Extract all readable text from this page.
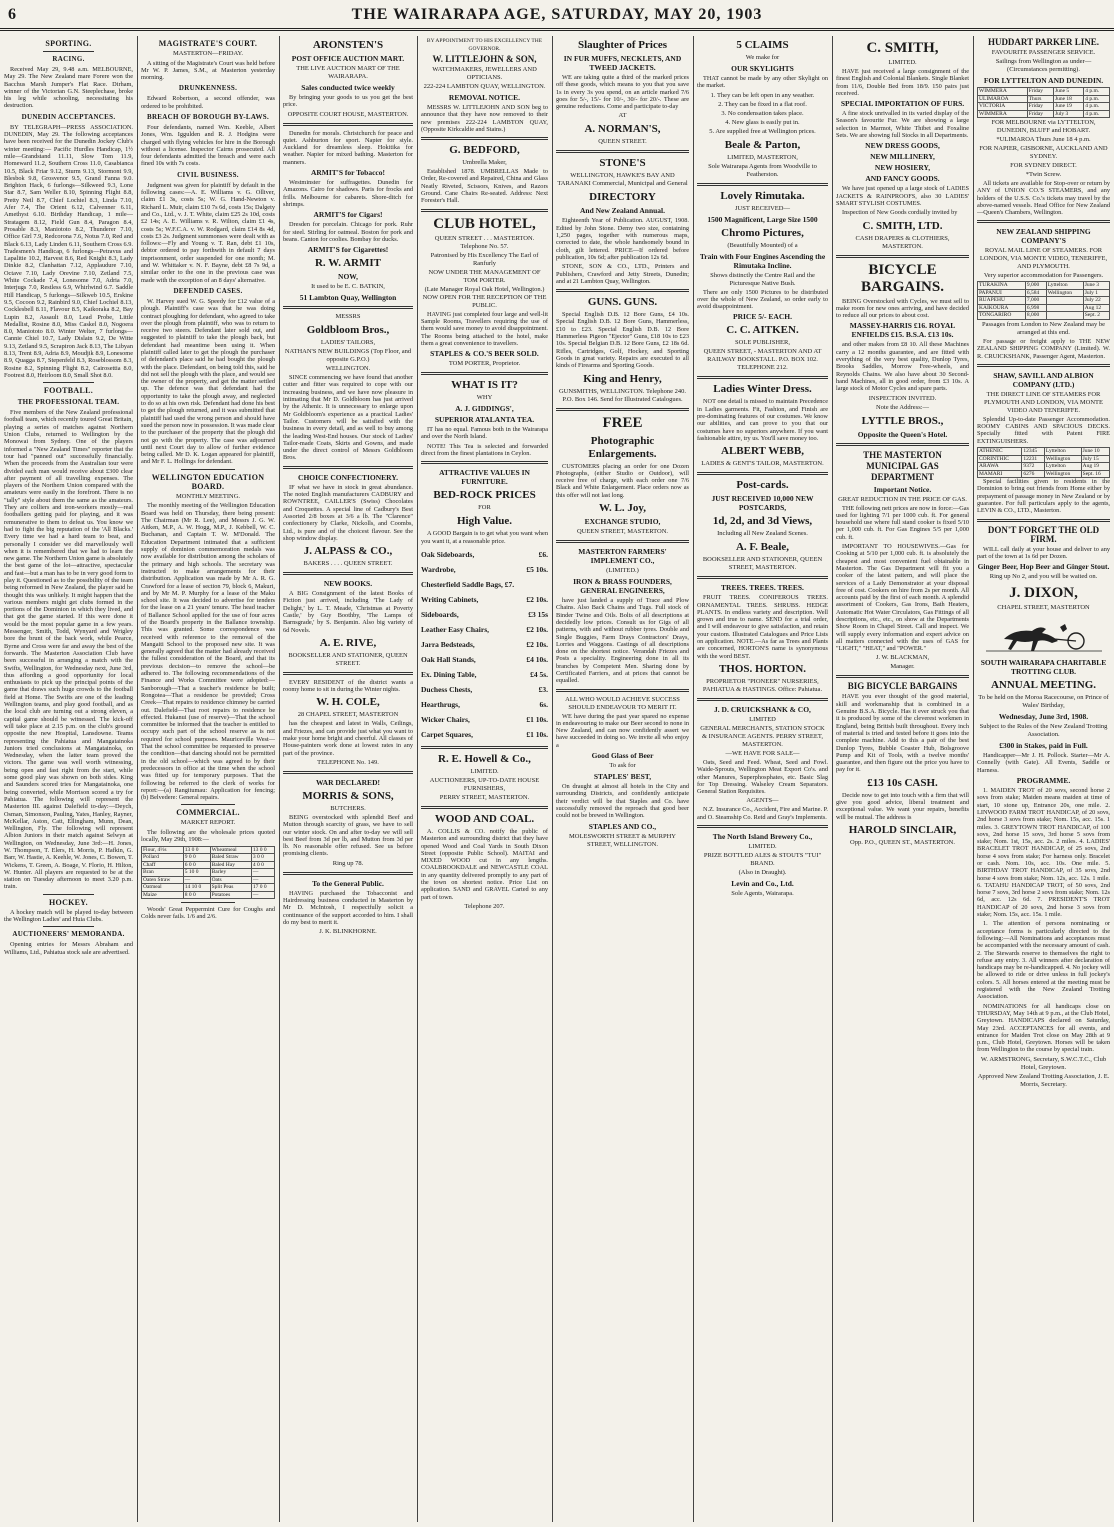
6	THE WAIRARAPA AGE, SATURDAY, MAY 20, 1903
SPORTING.
RACING.

Received May 29, 9.48 a.m. MELBOURNE, May 29. The New Zealand mare Forere won the Bacchus Marsh Jumper's Flat Race. Dirham, winner of the Victorian G.N. Steeplechase, broke his leg while schooling, necessitating his destruction.

DUNEDIN ACCEPTANCES.

BY TELEGRAPH—PRESS ASSOCIATION. DUNEDIN, May 29. The following acceptances have been received for the Dunedin Jockey Club's winter meeting:— Pacific Hurdles Handicap, 1½ mile—Grandstand 11.11, Slow Tom 11.9, Homeward 11.2, Southern Cross 11.0, Casabianca 10.5, Black Friar 9.12, Sturm 9.13, Stormont 9.9, Blesbok 9.8, Grosvenor 9.5, Grand Fanna 9.0. Brighton Hack, 6 furlongs—Silkweed 9.3, Lone Star 8.7, Sam Weller 8.10, Spinning Flight 8.8, Pretty Neil 8.7, Chief Lochiel 8.3, Linda 7.10, Afer 7.4, The Orient 6.12, Calvenner 6.11, Amethyst 6.10. Birthday Handicap, 1 mile—Stratagem 8.12, Field Gun 8.4, Paragon 8.4, Prosable 8.3, Maniototo 8.2, Thunderer 7.10, Office Girl 7.9, Redcorona 7.6, Notus 7.0, Red and Black 6.13, Lady Linden 6.11, Southern Cross 6.9. Tradesmen's Handicap, 6 furlongs—Petravus and Lapalitie 10.2, Harvest 8.6, Red Knight 8.3, Lady Dinkie 8.2, Clanhattan 7.12, Applaudure 7.10, Octave 7.10, Lady Orevine 7.10, Zetland 7.5, White Cockade 7.4, Lonesome 7.0, Adria 7.0, Interjugs 7.0, Restless 6.9, Whirlwind 6.7. Saddle Hill Handicap, 5 furlongs—Silkweb 10.5, Erskine 9.5, Cocoon 9.2, Rainbird 9.0, Chief Lochiel 8.13, Cocklesbell 8.11, Flavour 8.5, Kaikoraka 8.2, Bay Lupin 8.2, Assault 8.0, Lead Probe, Little Medallist, Rosine 8.0, Miss Caskel 8.0, Nogoera 8.0, Maniototo 8.0. Winter Welter, 7 furlongs—Cannie Chiel 10.7, Lady Dislain 9.2, De Witte 9.13, Zetland 9.5, Scrapiron Jack 8.13, The Libyan 8.13, Trent 8.9, Adria 8.9, Moudjik 8.9, Lonesome 8.9, Quagga 8.7, Stepenfeld 8.3, Roseblossom 8.3, Rosine 8.2, Spinning Flight 8.2, Cairosettia 8.0, Footrest 8.0, Heirloom 8.0, Small Shot 8.0.

FOOTBALL.
THE PROFESSIONAL TEAM.

Five members of the New Zealand professional football team, which recently toured Great Britain, playing a series of matches against Northern Union Clubs, returned to Wellington by the Monowai from Sydney. One of the players informed a "New Zealand Times" reporter that the tour had "panned out" successfully financially. When the proceeds from the Australian tour were divided each man would receive about £300 clear after payment of all travelling expenses. The players of the Northern Union compared with the amateurs were easily in the forefront. There is no "tally" style about them the same as the amateurs. They are colliers and iron-workers mostly—real footballers getting paid for playing, and it was remunerative to them to defeat us. You know we had to fight the big reputation of the 'All Blacks.' Every time we had a hard team to beat, and personally I consider we did marvellously well when it is remembered that we had to learn the new game. The Northern Union game is absolutely the best game of the lot—attractive, spectacular and fast—but a man has to be in very good form to play it. Questioned as to the possibility of the team being reformed in New Zealand, the player said he thought this was unlikely. It might happen that the various members might get clubs formed in the portions of the Dominion in which they lived, and that got the game started. If this were done it would be the most popular game in a few years. Messenger, Smith, Todd, Wynyard and Wrigley bore the brunt of the back work, while Pearce, Byrne and Cross were far and away the best of the forwards. The Masterton Association Club have been successful in arranging a match with the Swifts, Wellington, for Wednesday next, June 3rd, thus affording a good opportunity for local enthusiasts to pick up the principal points of the game that draws such huge crowds to the football field at Home. The Swifts are one of the leading Wellington teams, and play good football, and as the local club are turning out a strong eleven, a capital game should be witnessed. The kick-off will take place at 2.15 p.m. on the club's ground opposite the new Hospital, Lansdowne. Teams representing the Pahiatua and Mangatainoka Juniors tried conclusions at Mangatainoka, on Wednesday, when the latter team proved the victors. The game was well worth witnessing, being open and fast right from the start, while some good play was shown on both sides. King and Saunders scored tries for Mangatainoka, one being converted, while Morrison scored a try for Pahiatua. The following will represent the Masterton III. against Dalefield to-day:—Deych, Osman, Simonson, Pauling, Yates, Hanley, Rayner, McKellar, Aston, Catt, Ellingham, Munn, Dean, Wellington, Fly. The following will represent Albion Juniors in their match against Selwyn at Wellington, on Wednesday, June 3rd:—H. Jones, W. Thompson, T. Elers, H. Morris, P. Hafkin, G. Barr, W. Hastie, A. Keehle, W. Jones, C. Bowen, T. Wickens, T. Green, A. Boage, V. Florio, H. Hilton, W. Hunter. All players are requested to be at the station on Tuesday afternoon to meet 3.20 p.m. train.

HOCKEY.

A hockey match will be played to-day between the Wellington Ladies' and Huia Clubs.

AUCTIONEERS' MEMORANDA.

Opening entries for Messrs Abraham and Williams, Ltd., Pahiatua stock sale are advertised.

MAGISTRATE'S COURT.
MASTERTON—FRIDAY.

A sitting of the Magistrate's Court was held before Mr W. P. James, S.M., at Masterton yesterday morning.

DRUNKENNESS.

Edward Robertson, a second offender, was ordered to be prohibited.

BREACH OF BOROUGH BY-LAWS.

Four defendants, named Wm. Keeble, Albert Jones, Wm. Iggulden and R. J. Hodgins were charged with flying vehicles for hire in the Borough without a license. Inspector Cairns prosecuted. All four defendants admitted the breach and were each fined 10s with 7s costs.

CIVIL BUSINESS.

Judgment was given for plaintiff by default in the following cases:—A. E. Williams v. G. Olliver, claim £1 3s, costs 5s; W. G. Hand-Newton v. Richard L. Muir, claim £10 7s 6d, costs 15s; Dalgety and Co., Ltd., v. J. T. White, claim £25 2s 10d, costs £2 14s; A. E. Williams v. R. Wilton, claim £1 4s, costs 5s; W.F.C.A. v. W. Rodgard, claim £14 8s 4d, costs £3 2s. Judgment summonses were dealt with as follows:—Fly and Young v. T. Ran, debt £1 10s, debtor ordered to pay forthwith in default 7 days imprisonment, order suspended for one month; M. and W. Whittaker v. N. F. Bayne, debt £8 7s 9d, a similar order to the one in the previous case was made with the exception of an 8 days' alternative.

DEFENDED CASES.

W. Harvey sued W. G. Speedy for £12 value of a plough. Plaintiff's case was that he was doing contract ploughing for defendant, who agreed to take over the plough from plaintiff, who was to return to receive two steers. Defendant later sold out, and suggested to plaintiff to take the plough back, but defendant had meantime been using it. When plaintiff called later to get the plough the purchaser of defendant's place said he had bought the plough with the place. Defendant, on being told this, said he did not sell the plough with the place, and would see the owner of the property, and get the matter settled up. The defence was that defendant had the opportunity to take the plough away, and neglected to do so at his own risk. Defendant had done his best to get the plough returned, and it was submitted that plaintiff had used the wrong person and should have sued the person now in possession. It was made clear to the purchaser of the property that the plough did not go with the property. The case was adjourned until next Court day to allow of further evidence being called. Mr D. K. Logan appeared for plaintiff, and Mr F. L. Hollings for defendant.

WELLINGTON EDUCATION BOARD.
MONTHLY MEETING.

The monthly meeting of the Wellington Education Board was held on Thursday, there being present: The Chairman (Mr R. Lee), and Messrs J. G. W. Aitken, M.P., A. W. Hogg, M.P., J. Kebbell, W. C. Buchanan, and Captain T. W. M'Donald. The Education Department intimated that a sufficient supply of dominion commemoration medals was now available for distribution among the scholars of the primary and high schools. The secretary was instructed to make arrangements for their distribution. Application was made by Mr A. R. G. Crawford for a lease of section 79, block 6, Makuri, and by Mr M. P. Murphy for a lease of the Maku school site. It was decided to advertise for tenders for the lease on a 21 years' tenure. The head teacher of Ballance School applied for the use of four acres of the Board's property in the Ballance township. This was granted. Some correspondence was received with reference to the removal of the Mangaiti School to the proposed new site. It was generally agreed that the matter had already received the fullest consideration of the Board, and that its previous decision—to remove the school—be adhered to. The following recommendations of the Finance and Works Committee were adopted:—Sanborough—That a teacher's residence be built; Rongotea—That a residence be provided; Cross Creek—That repairs to residence chimney be carried out. Dalefield—That root repairs to residence be effected. Hukanui (use of reserve)—That the school committee be informed that the teacher is entitled to occupy such part of the school reserve as is not required for school purposes. Mauriceville West—That the school committee be requested to preserve the condition—that dancing should not be permitted in the old school—which was agreed to by their predecessors in office at the time when the school was fitted up for temporary purposes. That the following be referred to the clerk of works for report:—(a) Rangitumau: Application for fencing; (b) Belvedere: General repairs.

COMMERCIAL.
MARKET REPORT.

The following are the wholesale prices quoted locally, May 29th, 1908:—

Flour, 4½s	13 0 0	Wheatmeal	13 0 0
Pollard	9 0 0	Baled Straw	3 0 0
Chaff	6 0 0	Baled Hay	4 0 0
Bran	5 10 0	Barley	—
Oaten Straw	—	Oats	—
Oatmeal	14 10 0	Split Peas	17 0 0
Maize	8 0 0	Potatoes	—

Woods' Great Peppermint Cure for Coughs and Colds never fails. 1/6 and 2/6.

ARONSTEN'S
POST OFFICE AUCTION MART.
THE LIVE AUCTION MART OF THE WAIRARAPA.
Sales conducted twice weekly

By bringing your goods to us you get the best price.

OPPOSITE COURT HOUSE, MASTERTON.

Dunedin for morals. Christchurch for peace and quiet. Ashburton for sport. Napier for style. Auckland for dreamless sleep. Hokitika for weather. Napier for mixed bathing. Masterton for manners.

ARMIT'S for Tobacco!

Westminster for suffragettes. Dunedin for Amazons. Cairo for shadows. Paris for frocks and frills. Melbourne for cabarets. Shore-ditch for shrimps.

ARMIT'S for Cigars!

Dresden for porcelain. Chicago for pork. Ruhr for steel. Stirling for oatmeal. Boston for pork and beans. Canton for coolies. Bombay for ducks.

ARMIT'S for Cigarettes!
R. W. ARMIT
NOW,
It used to be E. C. BATKIN,
51 Lambton Quay, Wellington
MESSRS
Goldbloom Bros.,
LADIES' TAILORS,
NATHAN'S NEW BUILDINGS (Top Floor, and opposite G.P.O.)
WELLINGTON.

SINCE commencing we have found that another cutter and fitter was required to cope with our increasing business, and we have now pleasure in intimating that Mr D. Goldbloom has just arrived by the Athenic. It is unnecessary to enlarge upon Mr Goldbloom's experience as a practical Ladies' Tailor. Customers will be satisfied with the business in every detail, and as well to buy among the leading West-End houses. Our stock of Ladies' Tailor-made Coats, Skirts and Gowns, and made under the direct control of Messrs Goldbloom Bros.

CHOICE CONFECTIONERY.

IF what we have in stock in great abundance. The noted English manufacturers CADBURY and ROWNTREE, CAILLER'S (Swiss) Chocolates and Croquettes. A special line of Cadbury's Best Assorted 2/8 boxes at 3/6 a lb. The "Clarence" confectionery by Clarke, Nickolls, and Coombs, Ltd., is pure and of the choicest flavour. See the shop window display.

J. ALPASS & CO.,
BAKERS . . . . QUEEN STREET.
NEW BOOKS.

A BIG Consignment of the latest Books of Fiction just arrived, including 'The Lady of Delight,' by L. T. Meade, 'Christmas at Poverty Castle,' by Guy Boothby, 'The Lamps of Barnsgrade,' by S. Benjamin. Also big variety of 6d Novels.

A. E. RIVE,
BOOKSELLER AND STATIONER, QUEEN STREET.

EVERY RESIDENT of the district wants a roomy home to sit in during the Winter nights.

W. H. COLE,
28 CHAPEL STREET, MASTERTON

has the cheapest and latest in Walls, Ceilings, and Friezes, and can provide just what you want to make your home bright and cheerful. All classes of House-painters work done at lowest rates in any part of the province.

TELEPHONE No. 149.
WAR DECLARED!
MORRIS & SONS,
BUTCHERS.

BEING overstocked with splendid Beef and Mutton through scarcity of grass, we have to sell our winter stock. On and after to-day we will sell best Beef from 3d per lb, and Mutton from 3d per lb. No reasonable offer refused. See us before promising clients.

Ring up 78.
To the General Public.

HAVING purchased the Tobacconist and Hairdressing business conducted in Masterton by Mr D. McIntosh, I respectfully solicit a continuance of the support accorded to him. I shall do my best to merit it.

J. K. BLINKHORNE.
BY APPOINTMENT TO HIS EXCELLENCY THE GOVERNOR.
W. LITTLEJOHN & SON,
WATCHMAKERS, JEWELLERS AND OPTICIANS.
222-224 LAMBTON QUAY, WELLINGTON.
REMOVAL NOTICE.

MESSRS W. LITTLEJOHN AND SON beg to announce that they have now removed to their new premises 222-224 LAMBTON QUAY, (Opposite Kirkcaldie and Stains.)

G. BEDFORD,
Umbrella Maker,

Established 1878. UMBRELLAS Made to Order, Re-covered and Repaired, China and Glass Neatly Riveted, Scissors, Knives, and Razors Ground. Cane Chairs Re-seated. Address: Next Forester's Hall.

CLUB HOTEL,
QUEEN STREET . . . MASTERTON. Telephone No. 57.
Patronised by His Excellency The Earl of Ranfurly
NOW UNDER THE MANAGEMENT OF TOM PORTER.
(Late Manager Royal Oak Hotel, Wellington.) NOW OPEN FOR THE RECEPTION OF THE PUBLIC.

HAVING just completed four large and well-lit Sample Rooms, Travellers requiring the use of them would save money to avoid disappointment. The Rooms being attached to the hotel, make them a great convenience to travellers.

STAPLES & CO.'S BEER SOLD.
TOM PORTER, Proprietor.
WHAT IS IT?
WHY
A. J. GIDDINGS',
SUPERIOR ATALANTA TEA.

IT has no equal. Famous both in the Wairarapa and over the North Island.

NOTE! This Tea is selected and forwarded direct from the finest plantations in Ceylon.

ATTRACTIVE VALUES IN FURNITURE.
BED-ROCK PRICES
FOR
High Value.

A GOOD Bargain is to get what you want when you want it, at a reasonable price.

Oak Sideboards,	£6.
Wardrobe,	£5 10s.
Chesterfield Saddle Bags, £7.
Writing Cabinets,	£2 10s.
Sideboards,	£3 15s
Leather Easy Chairs,	£2 10s.
Jarra Bedsteads,	£2 10s.
Oak Hall Stands,	£4 10s.
Ex. Dining Table,	£4 5s.
Duchess Chests,	£3.
Hearthrugs,	6s.
Wicker Chairs,	£1 10s.
Carpet Squares,	£1 10s.
R. E. Howell & Co.,
LIMITED.
AUCTIONEERS, UP-TO-DATE HOUSE FURNISHERS,
PERRY STREET, MASTERTON.
WOOD AND COAL.

A. COLLIS & CO. notify the public of Masterton and surrounding district that they have opened Wood and Coal Yards in South Dixon Street (opposite Public School). MAITAI and MIXED WOOD cut in any lengths. COALBROOKDALE and NEWCASTLE COAL in any quantity delivered promptly to any part of the town on shortest notice. Price List on application. SAND and GRAVEL Carted to any part of town.

Telephone 207.
Slaughter of Prices
IN FUR MUFFS, NECKLETS, AND TWEED JACKETS.

WE are taking quite a third of the marked prices off these goods, which means to you that you save 1s in every 3s you spend, on an article marked 7/6 goes for 5/-, 15/- for 10/-, 30/- for 20/-. These are genuine reductions. Come and participate to-day

AT
A. NORMAN'S,
QUEEN STREET.
STONE'S
WELLINGTON, HAWKE'S BAY AND TARANAKI Commercial, Municipal and General
DIRECTORY
And New Zealand Annual.

Eighteenth Year of Publication. AUGUST, 1908. Edited by John Stone. Demy two size, containing 1,250 pages, together with numerous maps, corrected to date, the whole handsomely bound in cloth, gilt lettered. PRICE—If ordered before publication, 10s 6d; after publication 12s 6d.

STONE, SON & CO., LTD., Printers and Publishers, Crawford and Jetty Streets, Dunedin; and at 21 Lambton Quay, Wellington.

GUNS. GUNS.

Special English D.B. 12 Bore Guns, £4 10s. Special English D.B. 12 Bore Guns, Hammerless, £10 to £23. Special English D.B. 12 Bore Hammerless Pigeon "Ejector" Guns, £18 10s to £23 10s. Special Belgian D.B. 12 Bore Guns, £2 18s 6d. Rifles, Cartridges, Golf, Hockey, and Sporting Goods in great variety. Repairs are executed to all kinds of Firearms and Sporting Goods.

King and Henry,
GUNSMITHS, WELLINGTON. Telephone 240. P.O. Box 146. Send for Illustrated Catalogues.
FREE
Photographic Enlargements.

CUSTOMERS placing an order for one Dozen Photographs, (either Studio or Outdoor), will receive free of charge, with each order one 7/6 Black and White Enlargement. Place orders now as this offer will not last long.

W. L. Joy,
EXCHANGE STUDIO,
QUEEN STREET, MASTERTON.
MASTERTON FARMERS' IMPLEMENT CO.,
(LIMITED.)
IRON & BRASS FOUNDERS, GENERAL ENGINEERS,

have just landed a supply of Trace and Plow Chains. Also Back Chains and Tugs. Full stock of Binder Twine and Oils. Bolts of all descriptions at decidedly low prices. Consult us for Gigs of all patterns, with and without rubber tyres. Double and Single Buggies, Farm Drays Contractors' Drays, Lorries and Waggons. Castings of all descriptions done on the shortest notice. Verandah Friezes and Posts a speciality. Engineering done in all its branches by Competent Men. Sharing done by Certificated Farriers, and at prices that cannot be equalled.

ALL WHO WOULD ACHIEVE SUCCESS SHOULD ENDEAVOUR TO MERIT IT.

WE have during the past year spared no expense in endeavouring to make our Beer second to none in New Zealand, and can now confidently assert we have succeeded in doing so. We invite all who enjoy a

Good Glass of Beer
To ask for
STAPLES' BEST,

On draught at almost all hotels in the City and surrounding Districts, and confidently anticipate their verdict will be that Staples and Co. have successfully removed the reproach that good beer could not be brewed in Wellington.

STAPLES AND CO.,
MOLESWORTH STREET & MURPHY STREET, WELLINGTON.
5 CLAIMS
We make for
OUR SKYLIGHTS

THAT cannot be made by any other Skylight on the market.

1. They can be left open in any weather.
2. They can be fixed in a flat roof.
3. No condensation takes place.
4. New glass is easily put in.
5. Are supplied free at Wellington prices.
Beale & Parton,
LIMITED, MASTERTON,
Sole Wairarapa Agents from Woodville to Featherston.
Lovely Rimutaka.
JUST RECEIVED—
1500 Magnificent, Large Size 1500
Chromo Pictures,
(Beautifully Mounted) of a
Train with Four Engines Ascending the Rimutaka Incline.
Shows distinctly the Centre Rail and the Picturesque Native Bush.

There are only 1500 Pictures to be distributed over the whole of New Zealand, so order early to avoid disappointment.

PRICE 5/- EACH.
C. C. AITKEN.
SOLE PUBLISHER,
QUEEN STREET, - MASTERTON AND AT RAILWAY BOOKSTALL. P.O. BOX 102. TELEPHONE 212.
Ladies Winter Dress.

NOT one detail is missed to maintain Precedence in Ladies garments. Fit, Fashion, and Finish are pre-dominating features of our costumes. We know our abilities, and can prove to you that our costumes have no superiors anywhere. If you want fashionable attire, try us. You'll save money too.

ALBERT WEBB,
LADIES & GENT'S TAILOR, MASTERTON.
Post-cards.
JUST RECEIVED 10,000 NEW POSTCARDS,
1d, 2d, and 3d Views,
Including all New Zealand Scenes.
A. F. Beale,
BOOKSELLER AND STATIONER, QUEEN STREET, MASTERTON.
TREES. TREES. TREES.

FRUIT TREES. CONIFEROUS TREES. ORNAMENTAL TREES. SHRUBS. HEDGE PLANTS. In endless variety and description. Well grown and true to name. SEND for a trial order, and I will endeavour to give satisfaction, and retain your custom. Illustrated Catalogues and Price Lists on application. NOTE.—As far as Trees and Plants are concerned, HORTON'S name is synonymous with the word BEST.

THOS. HORTON.
PROPRIETOR "PIONEER" NURSERIES, PAHIATUA & HASTINGS. Office: Pahiatua.
J. D. CRUICKSHANK & CO,
LIMITED
GENERAL MERCHANTS, STATION STOCK & INSURANCE AGENTS. PERRY STREET, MASTERTON.
—WE HAVE FOR SALE—

Oats, Seed and Feed. Wheat, Seed and Fowl. Waide-Sprouts, Wellington Meat Export Co's. and other Manures, Superphosphates, etc. Basic Slag for Top Dressing. Walseley Cream Separators. General Station Requisites.

AGENTS—

N.Z. Insurance Co., Accident, Fire and Marine. P. and O. Steamship Co. Reid and Gray's Implements.

The North Island Brewery Co.,
LIMITED.
PRIZE BOTTLED ALES & STOUTS "TUI" BRAND.
(Also in Draught).
Levin and Co., Ltd.
Sole Agents, Wairarapa.
C. SMITH,
LIMITED.

HAVE just received a large consignment of the finest English and Colonial Blankets. Single Blanket from 11/6, Double Bed from 18/9. 150 pairs just received.

SPECIAL IMPORTATION OF FURS.

A fine stock unrivalled in its varied display of the Season's favourite Fur. We are showing a large selection in Marmot, White Thibet and Foxaline Sets. We are showing full Stocks in all Departments.

NEW DRESS GOODS,
NEW MILLINERY,
NEW HOSIERY,
AND FANCY GOODS.

We have just opened up a large stock of LADIES JACKETS & RAINPROOFS, also 30 LADIES' SMART STYLISH COSTUMES.

Inspection of New Goods cordially invited by

C. SMITH, LTD.
CASH DRAPERS & CLOTHIERS, MASTERTON.
BICYCLE BARGAINS.

BEING Overstocked with Cycles, we must sell to make room for new ones arriving, and have decided to reduce all our prices to about cost.

MASSEY-HARRIS £16. ROYAL ENFIELDS £15. B.S.A. £13 10s.

and other makes from £8 10. All these Machines carry a 12 months guarantee, and are fitted with everything of the very best quality, Dunlop Tyres, Brooks Saddles, Morrow Free-wheels, and Reynolds Chains. We also have about 30 Second-hand Machines, all in good order, from £3 10s. A large stock of Motor Cycles and spare parts.

INSPECTION INVITED.
Note the Address:—
LYTTLE BROS.,
Opposite the Queen's Hotel.
THE MASTERTON MUNICIPAL GAS DEPARTMENT
Important Notice.
GREAT REDUCTION IN THE PRICE OF GAS.

THE following nett prices are now in force:—Gas used for lighting 7/1 per 1000 cub. ft. For general household use where full stand cooker is fixed 5/10 per 1,000 cub. ft. For Gas Engines 5/5 per 1,000 cub. ft.

IMPORTANT TO HOUSEWIVES.—Gas for Cooking at 5/10 per 1,000 cub. ft. is absolutely the cheapest and most convenient fuel obtainable in Masterton. The Gas Department will fit you a cooker of the latest pattern, and will place the services of a Lady Demonstrator at your disposal free of cost. Cookers on hire from 2s per month. All accounts paid by the first of each month. A splendid assortment of Cookers, Gas Irons, Bath Heaters, Automatic Hot Water Circulators, Gas Fittings of all descriptions, etc., etc., on show at the Departments Show Room in Chapel Street. Call and inspect. We will supply every information and expert advice on all matters connected with the uses of GAS for "LIGHT," "HEAT," and "POWER."

J. W. BLACKMAN,
Manager.
BIG BICYCLE BARGAINS

HAVE you ever thought of the good material, skill and workmanship that is combined in a Genuine B.S.A. Bicycle. Has it ever struck you that it is produced by some of the cleverest workmen in England, being British built throughout. Every inch of material is tried and tested before it goes into the complete machine. Add to this a pair of the best Dunlop Tyres, Bubble Coaster Hub, Bolsgroove Pump and Kit of Tools, with a twelve months' guarantee, and then figure out the price you have to pay for it.

£13 10s CASH.

Decide now to get into touch with a firm that will give you good advice, liberal treatment and exceptional value. We want your repairs, benefits will be mutual. The address is

HAROLD SINCLAIR,
Opp. P.O., QUEEN ST., MASTERTON.
HUDDART PARKER LINE.
FAVOURITE PASSENGER SERVICE.
Sailings from Wellington as under—(Circumstances permitting).
FOR LYTTELTON AND DUNEDIN.
WIMMERA	Friday	June 5	4 p.m.
ULIMAROA	Thurs	June 18	4 p.m.
VICTORIA	Friday	June 19	4 p.m.
WIMMERA	Friday	July 3	4 p.m.
FOR MELBOURNE via LYTTELTON, DUNEDIN, BLUFF and HOBART.
*ULIMAROA Thurs June 18 4 p.m.
FOR NAPIER, GISBORNE, AUCKLAND AND SYDNEY.
FOR SYDNEY DIRECT.
*Twin Screw.

All tickets are available for Stop-over or return by ANY of UNION CO.'S STEAMERS, and any holders of the U.S.S. Co.'s tickets may travel by the above-named vessels. Head Office for New Zealand—Queen's Chambers, Wellington.

NEW ZEALAND SHIPPING COMPANY'S
ROYAL MAIL LINE OF STEAMERS. FOR LONDON, VIA MONTE VIDEO, TENERIFFE, AND PLYMOUTH.
Very superior accommodation for Passengers.
TURAKINA	9,000	Lyttelton	June 3
PAPANUI	6,584	Wellington	July 1
RUAPEHU	7,000		July 22
KAIKOURA	6,998		Aug 12
TONGARIRO	8,000		Sept. 2
Passages from London to New Zealand may be arranged at this end.

For passage or freight apply to THE NEW ZEALAND SHIPPING COMPANY (Limited). W. R. CRUICKSHANK, Passenger Agent, Masterton.

SHAW, SAVILL AND ALBION COMPANY (LTD.)
THE DIRECT LINE OF STEAMERS FOR PLYMOUTH AND LONDON, VIA MONTE VIDEO AND TENERIFFE.

Splendid Up-to-date Passenger Accommodation. ROOMY CABINS AND SPACIOUS DECKS. Specially fitted with Patent FIRE EXTINGUISHERS.

ATHENIC	12345	Lyttelton	June 10
CORINTHIC	12231	Wellington	July 15
ARAWA	9372	Lyttelton	Aug 19
MAMARI	6276	Wellington	Sept. 16

Special facilities given to residents in the Dominion to bring out friends from Home either by prepayment of passage money in New Zealand or by guarantee. For full particulars apply to the agents, LEVIN & CO., LTD., Masterton.

DON'T FORGET THE OLD FIRM.

WILL call daily at your house and deliver to any part of the town at 1s 6d per Dozen.

Ginger Beer, Hop Beer and Ginger Stout.
Ring up No 2, and you will be waited on.
J. DIXON,
CHAPEL STREET, MASTERTON
SOUTH WAIRARAPA CHARITABLE TROTTING CLUB.
ANNUAL MEETING.
To be held on the Moroa Racecourse, on Prince of Wales' Birthday,
Wednesday, June 3rd, 1908.
Subject to the Rules of the New Zealand Trotting Association.
£300 in Stakes, paid in Full.

Handicapper—Mr J. H. Pollock. Starter—Mr A. Connelly (with Gate). All Events, Saddle or Harness.

PROGRAMME.

1. MAIDEN TROT of 20 sovs, second horse 2 sovs from stake; Maiden means maiden at time of start, 10 stone up, Entrance 20s, one mile. 2. LINWOOD FARM TROT HANDICAP, of 20 sovs, 2nd horse 3 sovs from stake; Nom. 15s, acc. 15s. 1 miles. 3. GREYTOWN TROT HANDICAP, of 100 sovs, 2nd horse 15 sovs, 3rd horse 5 sovs from stake; Nom. 1st, 15s, acc. 2s. 2 miles. 4. LADIES' BRACELET TROT HANDICAP, of 25 sovs, 2nd horse 4 sovs from stake; For harness only. Bracelet or cash. Nom. 10s, acc. 10s. One mile. 5. BIRTHDAY TROT HANDICAP, of 35 sovs, 2nd horse 4 sovs from stake; Nom. 12s, acc. 12s. 1 mile. 6. TATAHU HANDICAP TROT, of 50 sovs, 2nd horse 7 sovs, 3rd horse 2 sovs from stake; Nom. 12s 6d, acc. 12s 6d. 7. PRESIDENT'S TROT HANDICAP of 20 sovs, 2nd horse 3 sovs from stake; Nom. 15s, acc. 15s. 1 mile.

1. The attention of persons nominating or acceptance forms is particularly directed to the following:—All Nominations and acceptances must be accompanied with the necessary amount of cash. 2. The Stewards reserve to themselves the right to refuse any entry. 3. All winners after declaration of handicaps may be re-handicapped. 4. No jockey will be allowed to ride or drive unless in full jockey's colors. 5. All horses entered at the meeting must be registered with the New Zealand Trotting Association.

NOMINATIONS for all handicaps close on THURSDAY, May 14th at 9 p.m., at the Club Hotel, Greytown. HANDICAPS declared on Saturday, May 23rd. ACCEPTANCES for all events, and entrance for Maiden Trot close on May 28th at 9 p.m., Club Hotel, Greytown. Horses will be taken from Wellington to the course by special train.

W. ARMSTRONG, Secretary, S.W.C.T.C., Club Hotel, Greytown.
Approved New Zealand Trotting Association, J. E. Morris, Secretary.
